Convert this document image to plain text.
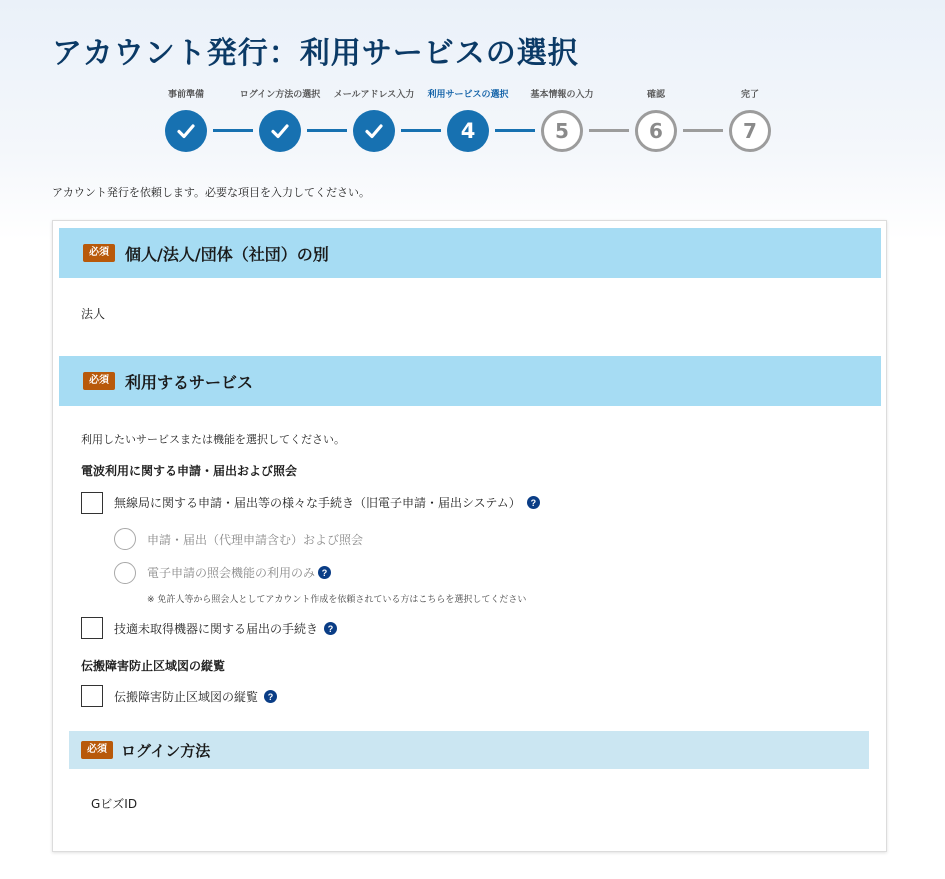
アカウント発行：利用サービスの選択
事前準備	ログイン方法の選択 メールアドレス入力 利用サービスの選択 基本情報の入力	確認	完了
4	5	6	7

アカウント発行を依頼します。必要な項目を入力してください。

必須	個人/法人/団体（社団）の別
法人
必須	利用するサービス
利用したいサービスまたは機能を選択してください。
電波利用に関する申請・届出および照会
無線局に関する申請・届出等の様々な手続き（旧電子申請・届出システム）	?
申請・届出（代理申請含む）および照会
電子申請の照会機能の利用のみ ?
※ 免許人等から照会人としてアカウント作成を依頼されている方はこちらを選択してください
技適未取得機器に関する届出の手続き	?
伝搬障害防止区域図の縦覧
伝搬障害防止区域図の縦覧	?
必須 ログイン方法
GビズID
